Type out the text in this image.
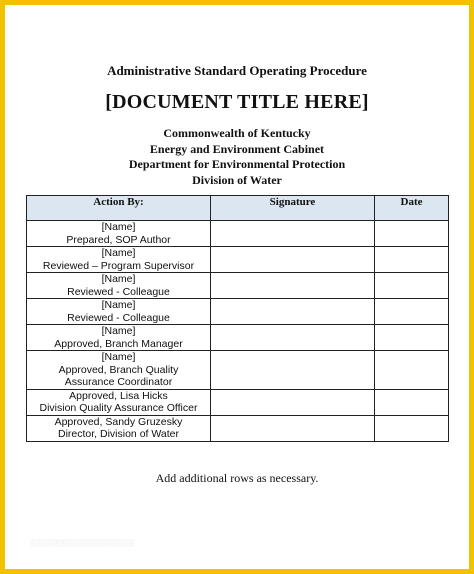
Administrative Standard Operating Procedure
[DOCUMENT TITLE HERE]
Commonwealth of Kentucky
Energy and Environment Cabinet
Department for Environmental Protection
Division of Water
Action By:	Signature	Date

[Name]
Prepared, SOP Author		

[Name]
Reviewed – Program Supervisor		

[Name]
Reviewed - Colleague		

[Name]
Reviewed - Colleague		

[Name]
Approved, Branch Manager		

[Name]
Approved, Branch Quality
Assurance Coordinator		

Approved, Lisa Hicks
Division Quality Assurance Officer		

Approved, Sandy Gruzesky
Director, Division of Water		

Add additional rows as necessary.
░░░░░░░░░░░░░░░░░░░░░
